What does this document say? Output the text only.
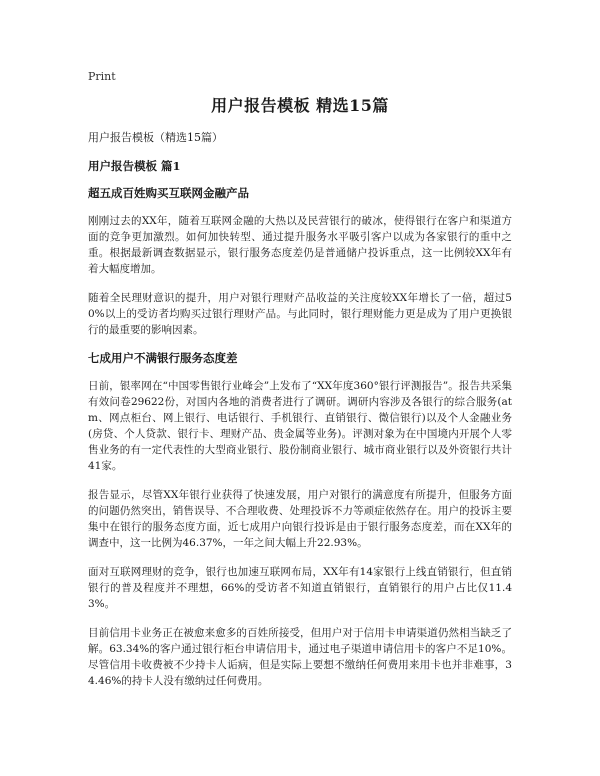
Print
用户报告模板 精选15篇
用户报告模板（精选15篇）
用户报告模板 篇1
超五成百姓购买互联网金融产品

刚刚过去的XX年，随着互联网金融的大热以及民营银行的破冰，使得银行在客户和渠道方面的竞争更加激烈。如何加快转型、通过提升服务水平吸引客户以成为各家银行的重中之重。根据最新调查数据显示，银行服务态度差仍是普通储户投诉重点，这一比例较XX年有着大幅度增加。

随着全民理财意识的提升，用户对银行理财产品收益的关注度较XX年增长了一倍，超过50%以上的受访者均购买过银行理财产品。与此同时，银行理财能力更是成为了用户更换银行的最重要的影响因素。

七成用户不满银行服务态度差

日前，银率网在“中国零售银行业峰会”上发布了“XX年度360°银行评测报告”。报告共采集有效问卷29622份，对国内各地的消费者进行了调研。调研内容涉及各银行的综合服务(atm、网点柜台、网上银行、电话银行、手机银行、直销银行、微信银行)以及个人金融业务(房贷、个人贷款、银行卡、理财产品、贵金属等业务)。评测对象为在中国境内开展个人零售业务的有一定代表性的大型商业银行、股份制商业银行、城市商业银行以及外资银行共计41家。

报告显示，尽管XX年银行业获得了快速发展，用户对银行的满意度有所提升，但服务方面的问题仍然突出，销售误导、不合理收费、处理投诉不力等顽症依然存在。用户的投诉主要集中在银行的服务态度方面，近七成用户向银行投诉是由于银行服务态度差，而在XX年的调查中，这一比例为46.37%，一年之间大幅上升22.93%。

面对互联网理财的竞争，银行也加速互联网布局，XX年有14家银行上线直销银行，但直销银行的普及程度并不理想，66%的受访者不知道直销银行，直销银行的用户占比仅11.43%。

目前信用卡业务正在被愈来愈多的百姓所接受，但用户对于信用卡申请渠道仍然相当缺乏了解。63.34%的客户通过银行柜台申请信用卡，通过电子渠道申请信用卡的客户不足10%。尽管信用卡收费被不少持卡人诟病，但是实际上要想不缴纳任何费用来用卡也并非难事，34.46%的持卡人没有缴纳过任何费用。
